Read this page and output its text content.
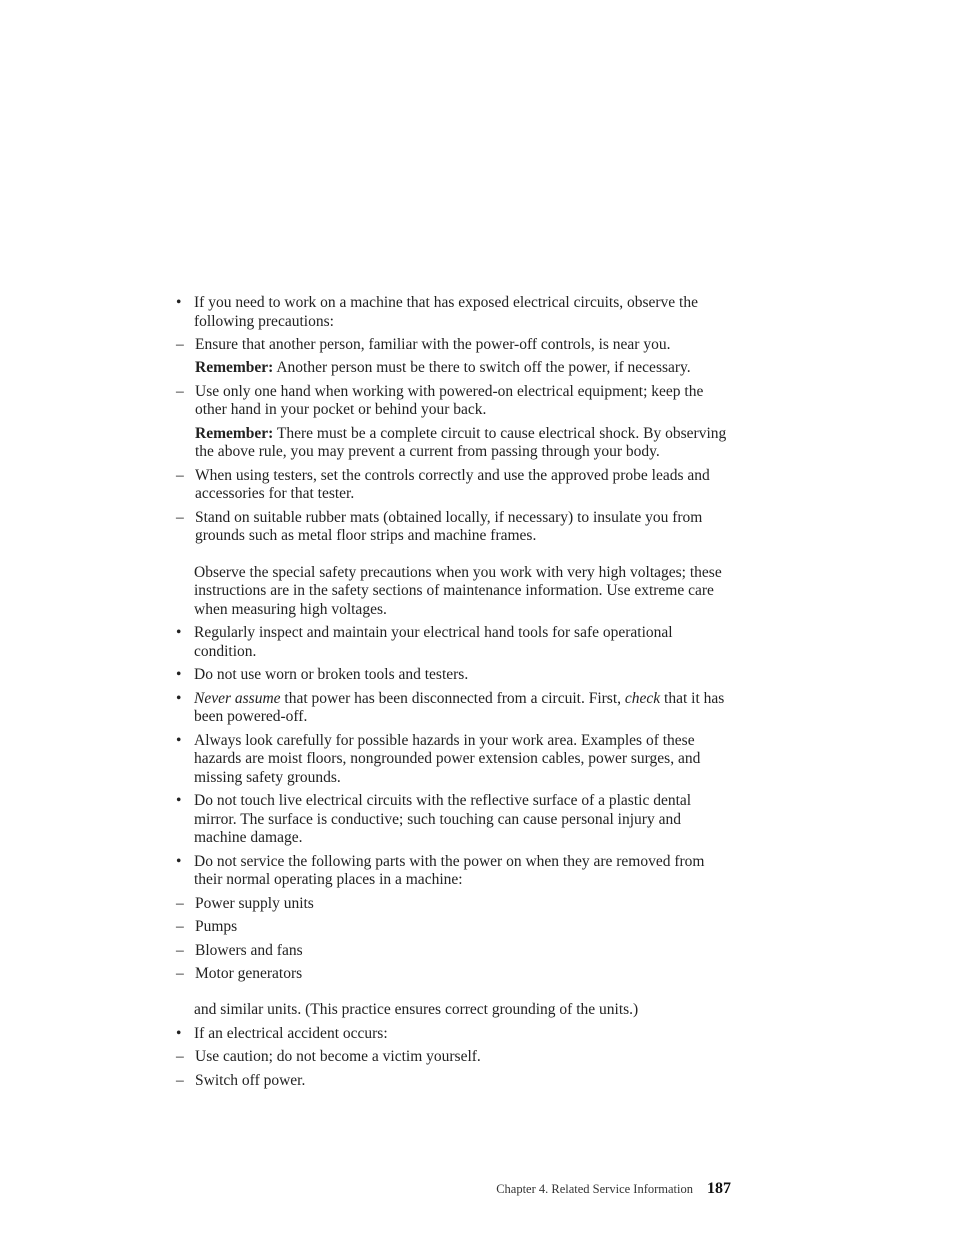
• If you need to work on a machine that has exposed electrical circuits, observe the following precautions:
– Ensure that another person, familiar with the power-off controls, is near you.
Remember: Another person must be there to switch off the power, if necessary.
– Use only one hand when working with powered-on electrical equipment; keep the other hand in your pocket or behind your back.
Remember: There must be a complete circuit to cause electrical shock. By observing the above rule, you may prevent a current from passing through your body.
– When using testers, set the controls correctly and use the approved probe leads and accessories for that tester.
– Stand on suitable rubber mats (obtained locally, if necessary) to insulate you from grounds such as metal floor strips and machine frames.
Observe the special safety precautions when you work with very high voltages; these instructions are in the safety sections of maintenance information. Use extreme care when measuring high voltages.
• Regularly inspect and maintain your electrical hand tools for safe operational condition.
• Do not use worn or broken tools and testers.
• Never assume that power has been disconnected from a circuit. First, check that it has been powered-off.
• Always look carefully for possible hazards in your work area. Examples of these hazards are moist floors, nongrounded power extension cables, power surges, and missing safety grounds.
• Do not touch live electrical circuits with the reflective surface of a plastic dental mirror. The surface is conductive; such touching can cause personal injury and machine damage.
• Do not service the following parts with the power on when they are removed from their normal operating places in a machine:
– Power supply units
– Pumps
– Blowers and fans
– Motor generators
and similar units. (This practice ensures correct grounding of the units.)
• If an electrical accident occurs:
– Use caution; do not become a victim yourself.
– Switch off power.
Chapter 4. Related Service Information 187
